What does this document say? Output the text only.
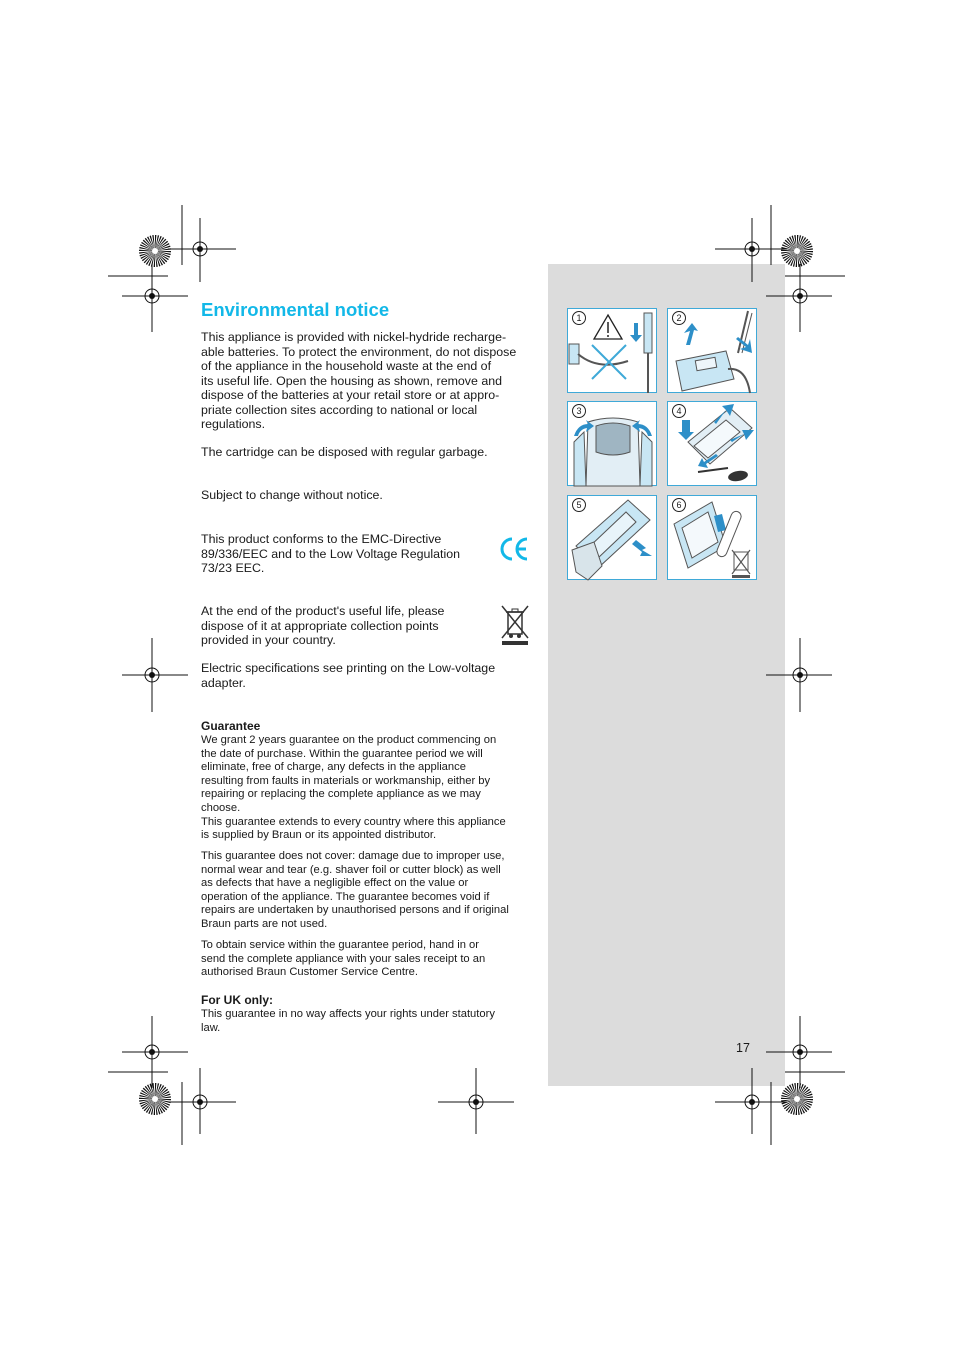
Environmental notice

This appliance is provided with nickel-hydride recharge-
able batteries. To protect the environment, do not dispose
of the appliance in the household waste at the end of
its useful life. Open the housing as shown, remove and
dispose of the batteries at your retail store or at appro-
priate collection sites according to national or local
regulations.

The cartridge can be disposed with regular garbage.

Subject to change without notice.

This product conforms to the EMC-Directive
89/336/EEC and to the Low Voltage Regulation
73/23 EEC.

At the end of the product's useful life, please
dispose of it at appropriate collection points
provided in your country.

Electric specifications see printing on the Low-voltage
adapter.

Guarantee

We grant 2 years guarantee on the product commencing on
the date of purchase. Within the guarantee period we will
eliminate, free of charge, any defects in the appliance
resulting from faults in materials or workmanship, either by
repairing or replacing the complete appliance as we may
choose.
This guarantee extends to every country where this appliance
is supplied by Braun or its appointed distributor.

This guarantee does not cover: damage due to improper use,
normal wear and tear (e.g. shaver foil or cutter block) as well
as defects that have a negligible effect on the value or
operation of the appliance. The guarantee becomes void if
repairs are undertaken by unauthorised persons and if original
Braun parts are not used.

To obtain service within the guarantee period, hand in or
send the complete appliance with your sales receipt to an
authorised Braun Customer Service Centre.

For UK only:

This guarantee in no way affects your rights under statutory
law.

1	2
3	4
5	6
17
